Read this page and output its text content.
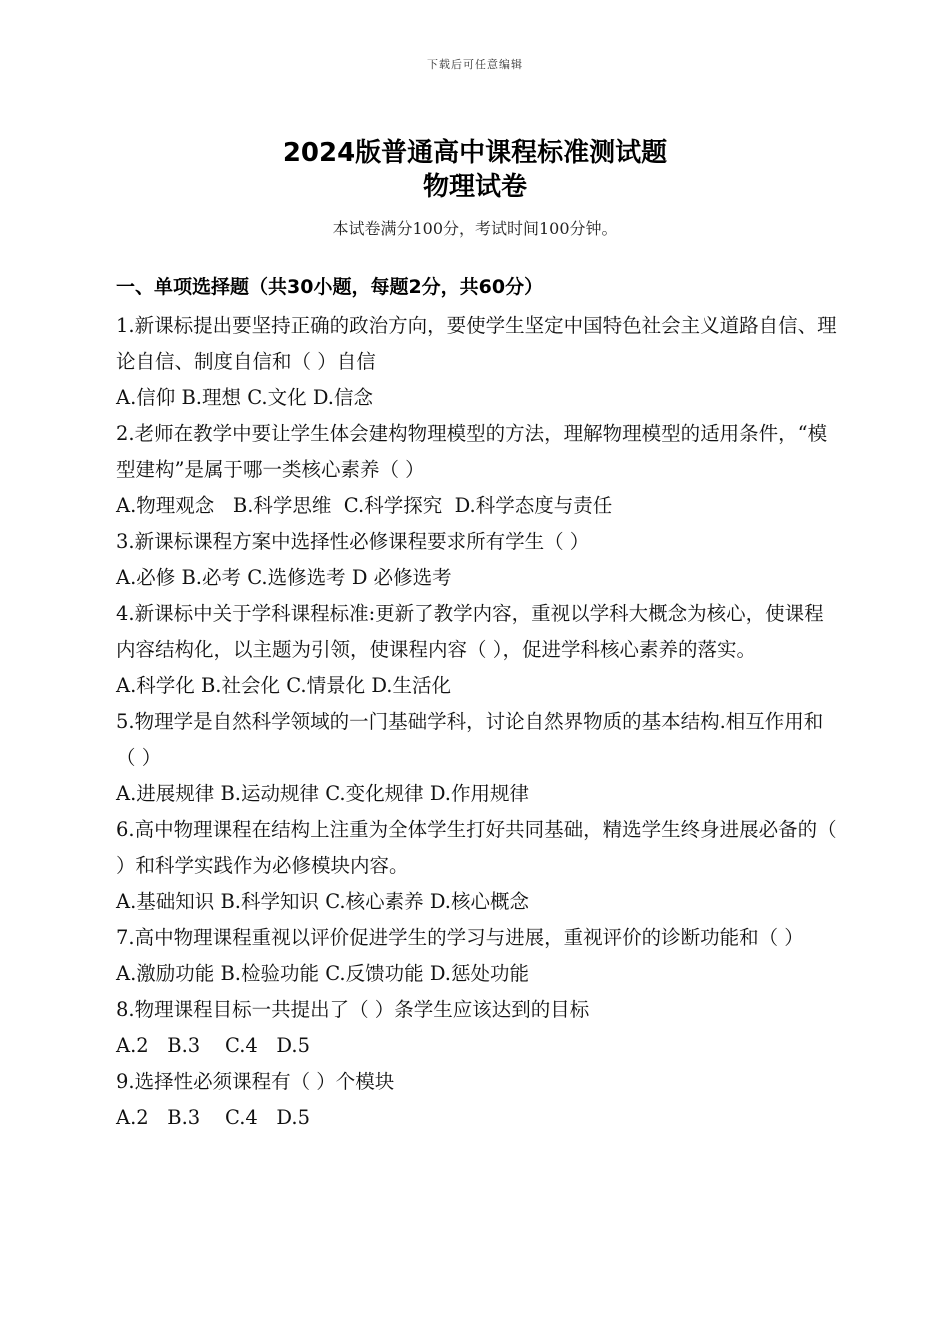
下载后可任意编辑
2024版普通高中课程标准测试题
物理试卷
本试卷满分100分，考试时间100分钟。
一、单项选择题（共30小题，每题2分，共60分）
1.新课标提出要坚持正确的政治方向，要使学生坚定中国特色社会主义道路自信、理论自信、制度自信和（ ）自信
A.信仰 B.理想 C.文化 D.信念
2.老师在教学中要让学生体会建构物理模型的方法，理解物理模型的适用条件，“模型建构”是属于哪一类核心素养（ ）
A.物理观念   B.科学思维  C.科学探究  D.科学态度与责任
3.新课标课程方案中选择性必修课程要求所有学生（ ）
A.必修 B.必考 C.选修选考 D 必修选考
4.新课标中关于学科课程标准:更新了教学内容，重视以学科大概念为核心，使课程内容结构化，以主题为引领，使课程内容（ ），促进学科核心素养的落实。
A.科学化 B.社会化 C.情景化 D.生活化
5.物理学是自然科学领域的一门基础学科，讨论自然界物质的基本结构.相互作用和（ ）
A.进展规律 B.运动规律 C.变化规律 D.作用规律
6.高中物理课程在结构上注重为全体学生打好共同基础，精选学生终身进展必备的（ ）和科学实践作为必修模块内容。
A.基础知识 B.科学知识 C.核心素养 D.核心概念
7.高中物理课程重视以评价促进学生的学习与进展，重视评价的诊断功能和（ ）
A.激励功能 B.检验功能 C.反馈功能 D.惩处功能
8.物理课程目标一共提出了（ ）条学生应该达到的目标
A.2   B.3    C.4   D.5
9.选择性必须课程有（ ）个模块
A.2   B.3    C.4   D.5
